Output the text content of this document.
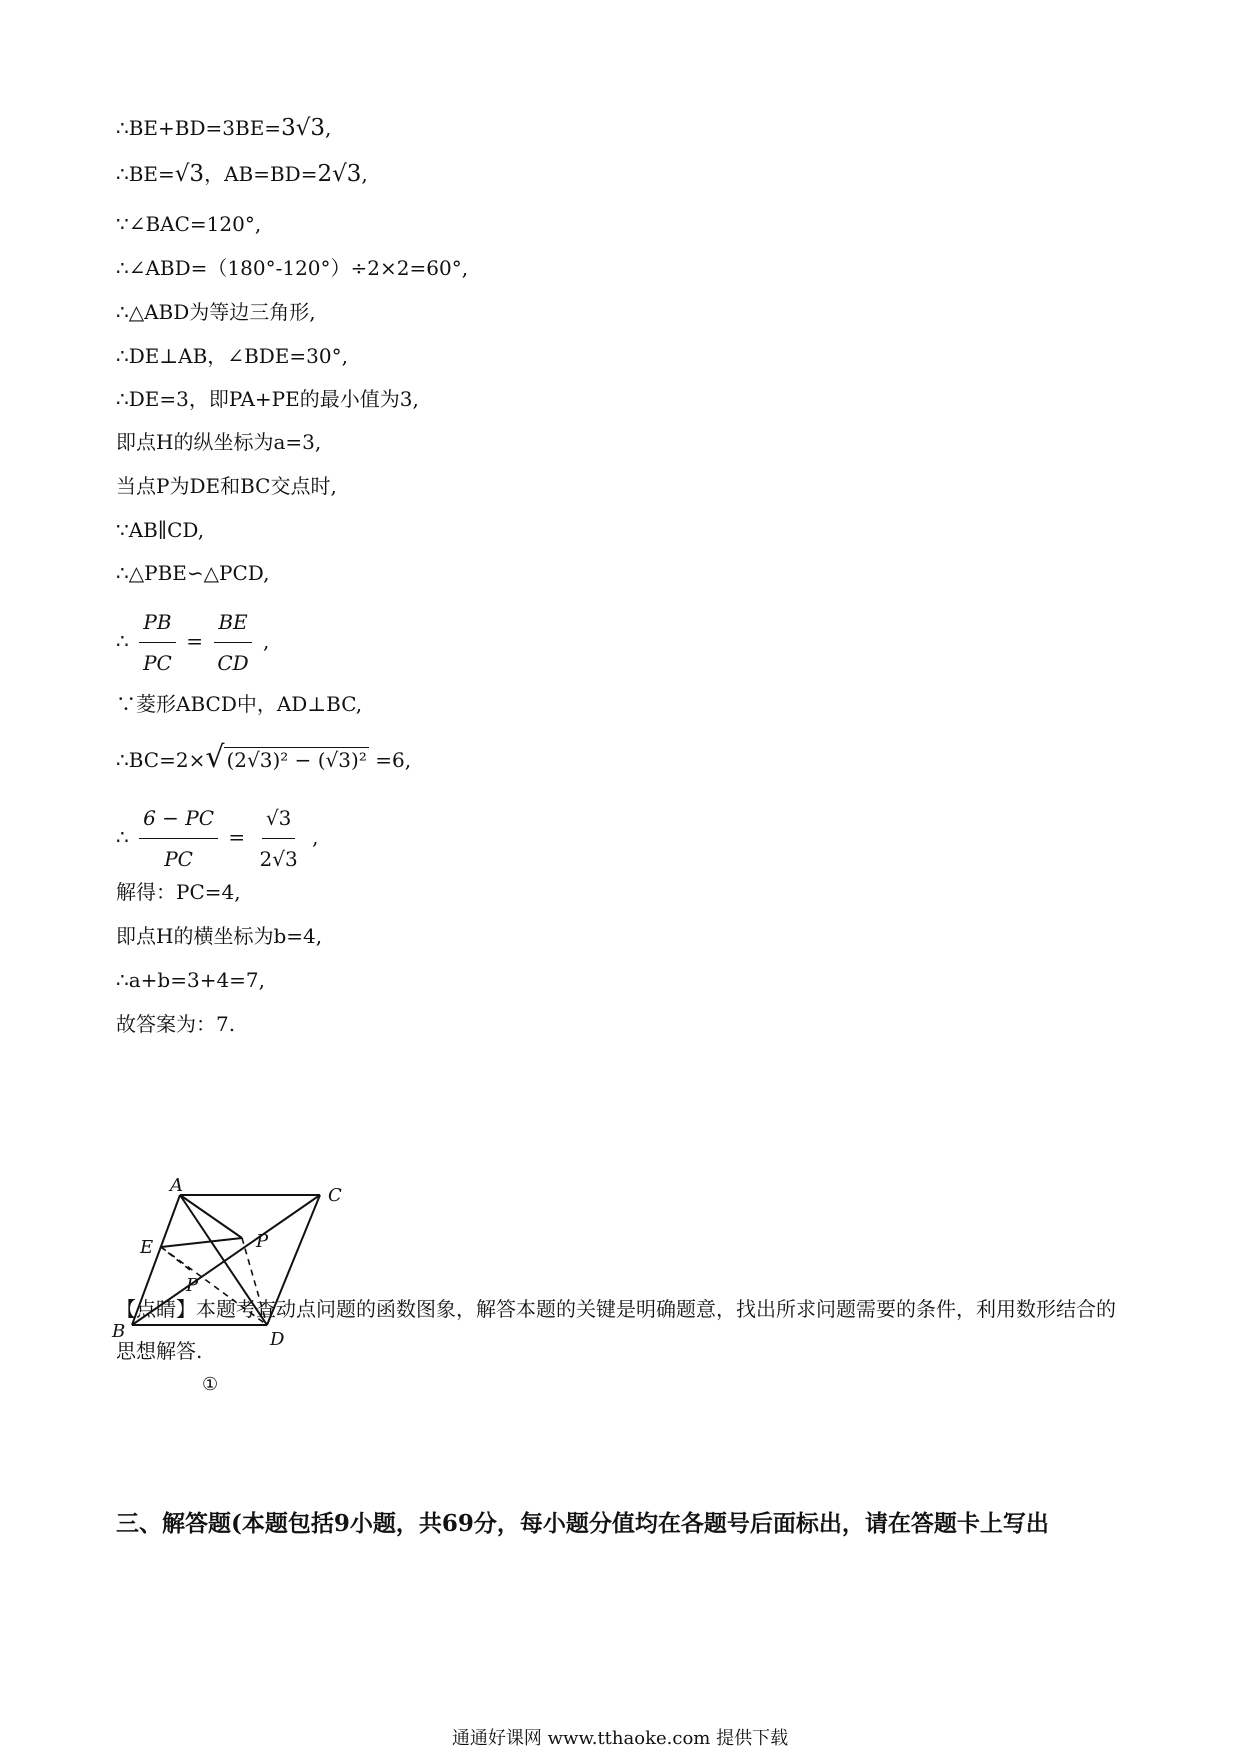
∴BE+BD=3BE=3√3,
∴BE=√3，AB=BD=2√3,
∵∠BAC=120°,
∴∠ABD=（180°-120°）÷2×2=60°,
∴△ABD为等边三角形,
∴DE⊥AB，∠BDE=30°,
∴DE=3，即PA+PE的最小值为3,
即点H的纵坐标为a=3,
当点P为DE和BC交点时,
∵AB∥CD,
∴△PBE∽△PCD,
∴ $\frac{PB}{PC} = \frac{BE}{CD}$ ,
∵菱形ABCD中，AD⊥BC,
∴BC=2×√ (2√3)² − (√3)² =6,
∴ $\frac{6 - PC}{PC} = \frac{√3}{2√3}$ ,
解得：PC=4,
即点H的横坐标为b=4,
∴a+b=3+4=7,
故答案为：7.
A	C
E	P
P
B	D
①
【点睛】本题考查动点问题的函数图象，解答本题的关键是明确题意，找出所求问题需要的条件，利用数形结合的思想解答.
三、解答题(本题包括9小题，共69分，每小题分值均在各题号后面标出，请在答题卡上写出
通通好课网 www.tthaoke.com 提供下载
